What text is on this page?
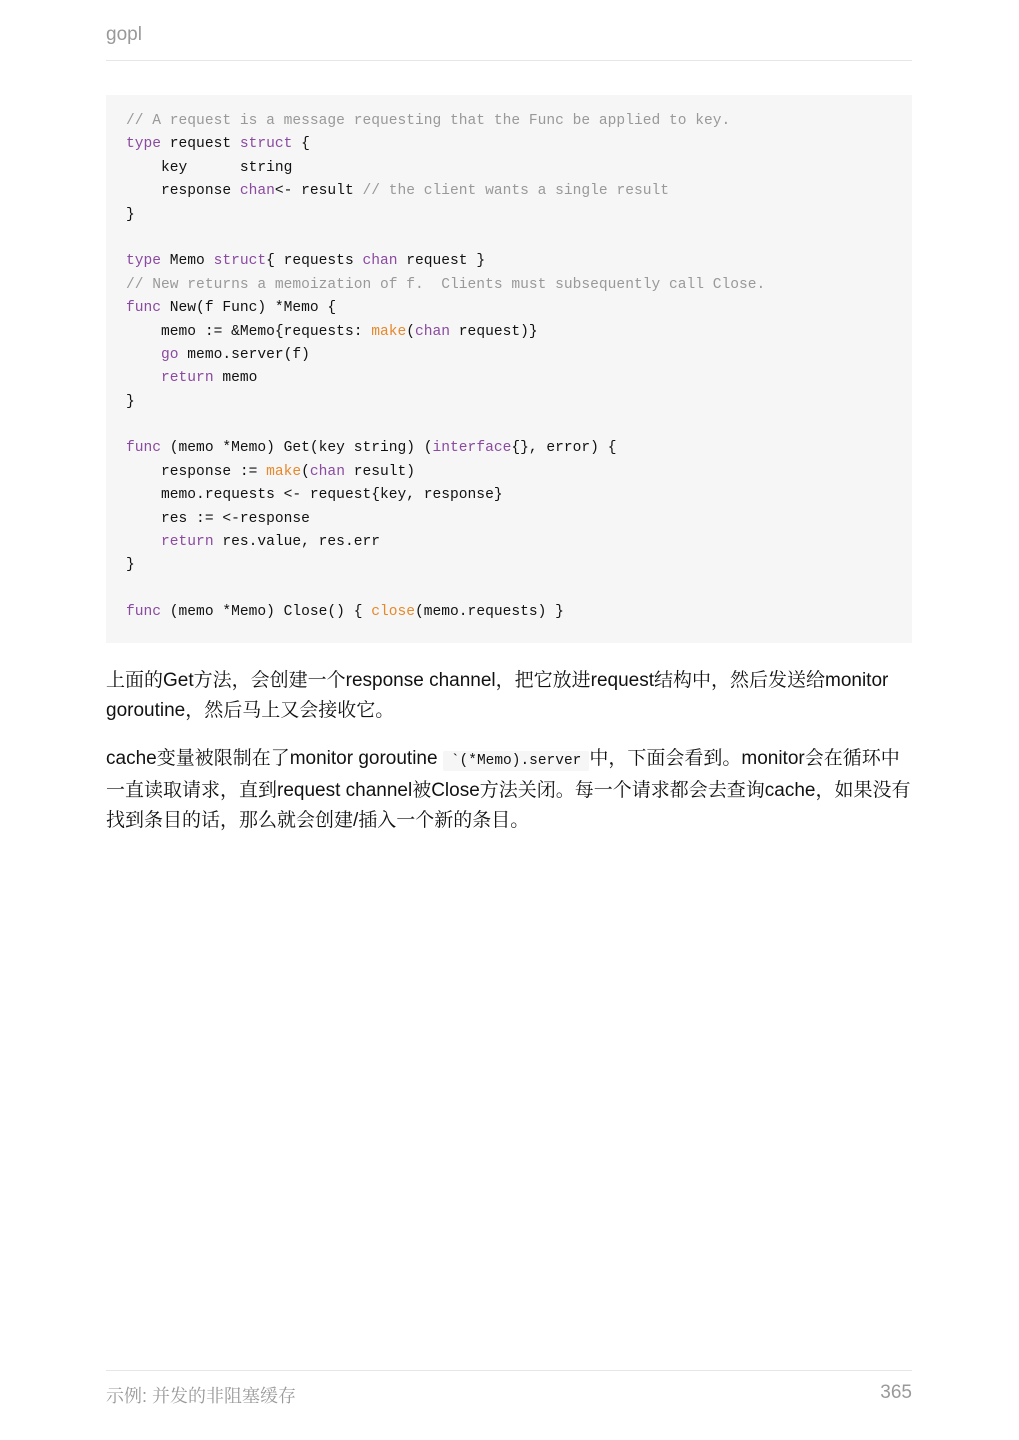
gopl
// A request is a message requesting that the Func be applied to key.
type request struct {
key      string
response chan<- result // the client wants a single result
}
type Memo struct{ requests chan request }
// New returns a memoization of f.  Clients must subsequently call Close.
func New(f Func) *Memo {
memo := &Memo{requests: make(chan request)}
go memo.server(f)
return memo
}
func (memo *Memo) Get(key string) (interface{}, error) {
response := make(chan result)
memo.requests <- request{key, response}
res := <-response
return res.value, res.err
}
func (memo *Memo) Close() { close(memo.requests) }
上面的Get方法，会创建一个response channel，把它放进request结构中，然后发送给monitor goroutine，然后马上又会接收它。
cache变量被限制在了monitor goroutine `(*Memo).server 中，下面会看到。monitor会在循环中一直读取请求，直到request channel被Close方法关闭。每一个请求都会去查询cache，如果没有找到条目的话，那么就会创建/插入一个新的条目。
示例: 并发的非阻塞缓存	365
